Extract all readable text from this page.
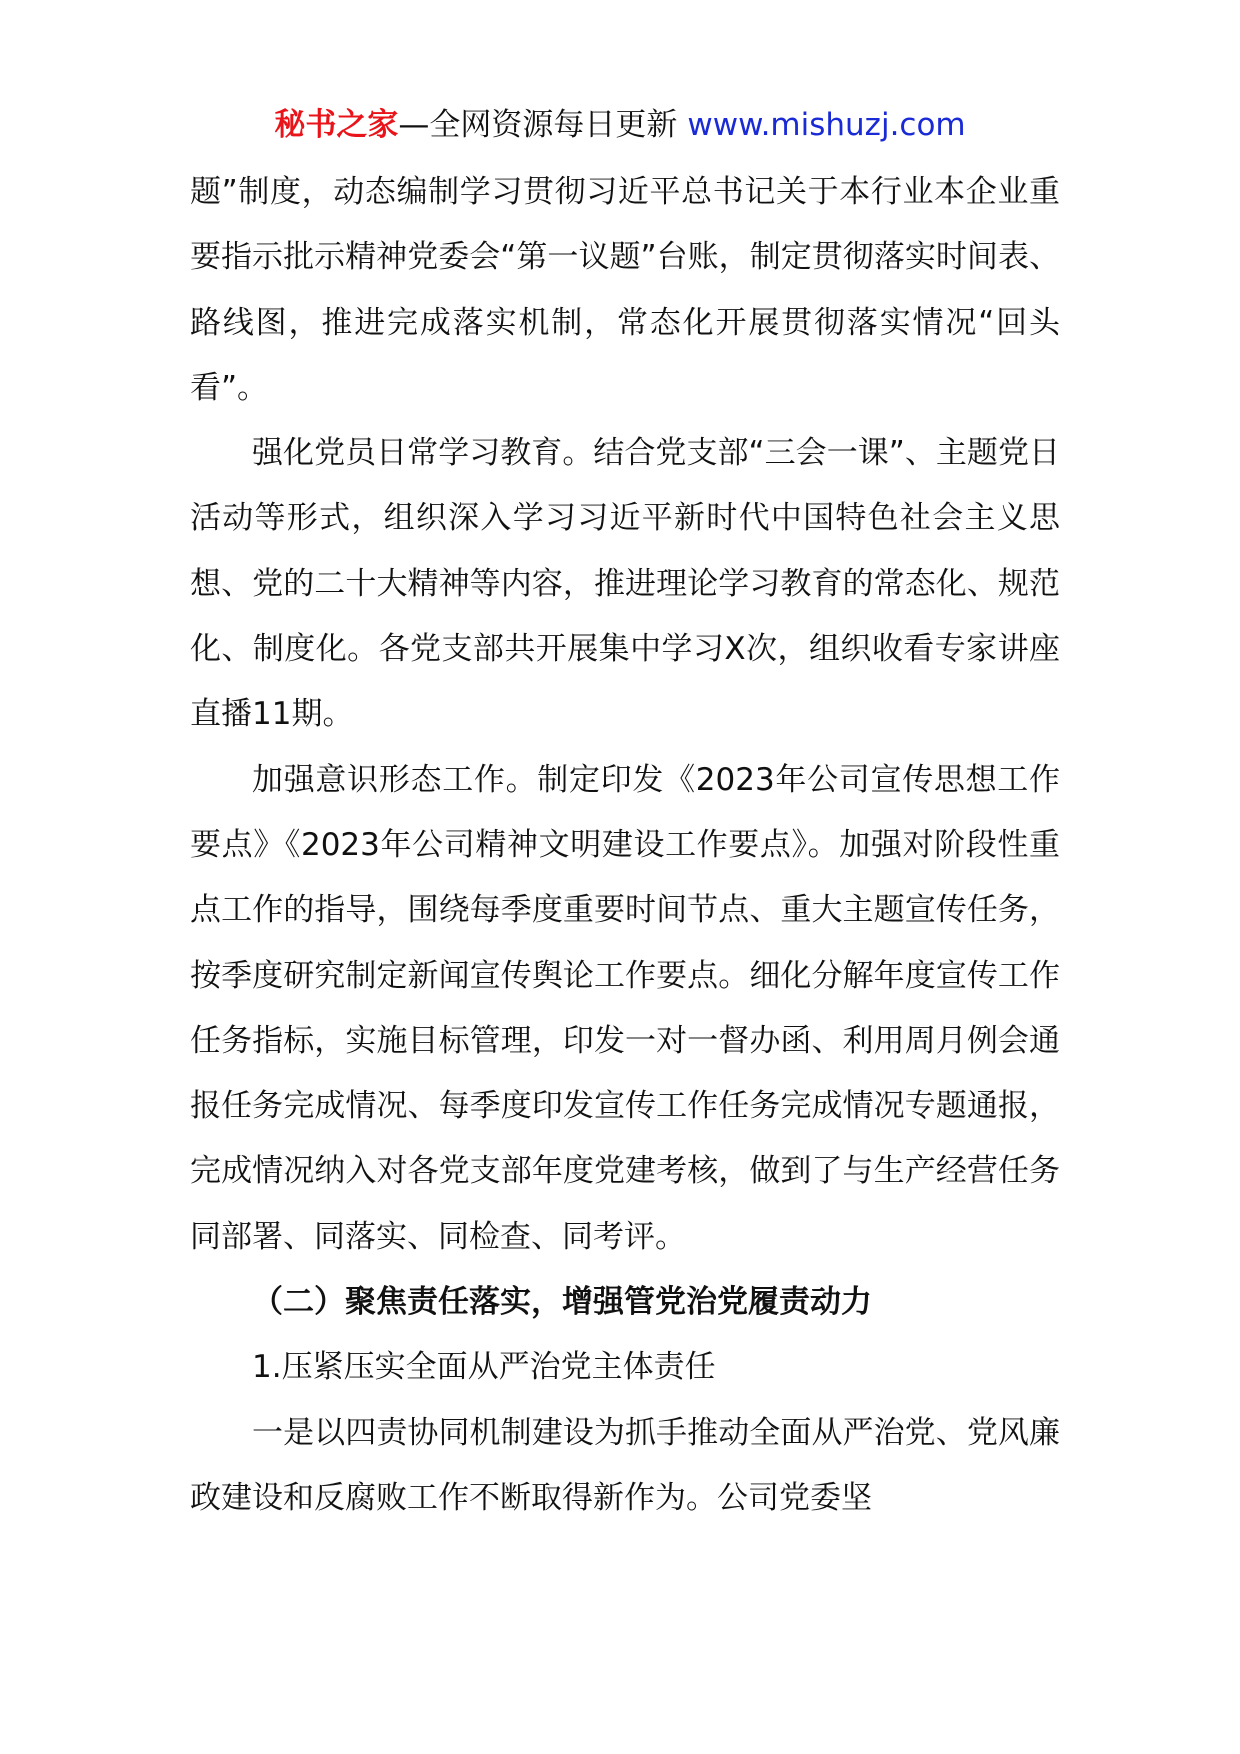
秘书之家—全网资源每日更新 www.mishuzj.com

题”制度，动态编制学习贯彻习近平总书记关于本行业本企业重要指示批示精神党委会“第一议题”台账，制定贯彻落实时间表、路线图，推进完成落实机制，常态化开展贯彻落实情况“回头看”。

强化党员日常学习教育。结合党支部“三会一课”、主题党日活动等形式，组织深入学习习近平新时代中国特色社会主义思想、党的二十大精神等内容，推进理论学习教育的常态化、规范化、制度化。各党支部共开展集中学习X次，组织收看专家讲座直播11期。

加强意识形态工作。制定印发《2023年公司宣传思想工作要点》《2023年公司精神文明建设工作要点》。加强对阶段性重点工作的指导，围绕每季度重要时间节点、重大主题宣传任务，按季度研究制定新闻宣传舆论工作要点。细化分解年度宣传工作任务指标，实施目标管理，印发一对一督办函、利用周月例会通报任务完成情况、每季度印发宣传工作任务完成情况专题通报，完成情况纳入对各党支部年度党建考核，做到了与生产经营任务同部署、同落实、同检查、同考评。

（二）聚焦责任落实，增强管党治党履责动力

1.压紧压实全面从严治党主体责任

一是以四责协同机制建设为抓手推动全面从严治党、党风廉政建设和反腐败工作不断取得新作为。公司党委坚
